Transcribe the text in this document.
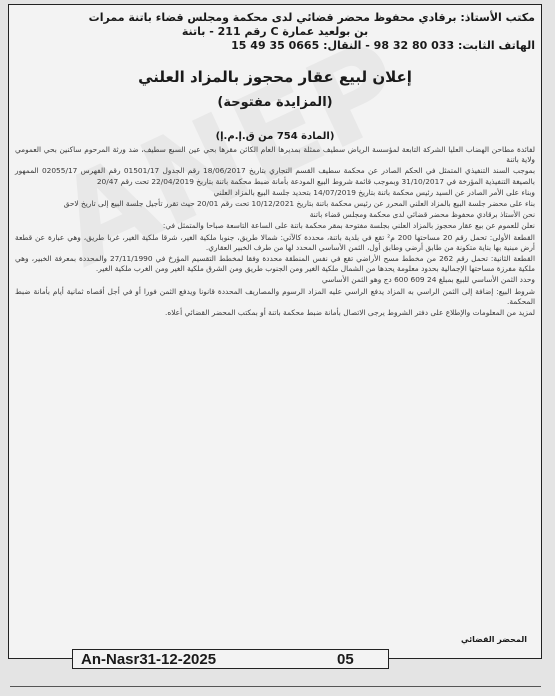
مكتب الأستاذ: برقادي محفوظ محضر قضائي لدى محكمة ومجلس قضاء باتنة ممرات
بن بولعيد عمارة C رقم 211 - باتنة
الهاتف الثابت: 033 80 32 98 - النقال: 0665 35 49 15
إعلان لبيع عقار محجوز بالمزاد العلني
(المزايدة مفتوحة)
(المادة 754 من ق.إ.م.إ)

لفائدة مطاحن الهضاب العليا الشركة التابعة لمؤسسة الرياض سطيف ممثلة بمديرها العام الكائن مقرها بحي عين السبع سطيف، ضد ورثة المرحوم ساكنين بحي العمومي ولاية باتنة

بموجب السند التنفيذي المتمثل في الحكم الصادر عن محكمة سطيف القسم التجاري بتاريخ 18/06/2017 رقم الجدول 01501/17 رقم الفهرس 02055/17 الممهور بالصيغة التنفيذية المؤرخة في 31/10/2017 وبموجب قائمة شروط البيع المودعة بأمانة ضبط محكمة باتنة بتاريخ 22/04/2019 تحت رقم 20/47

وبناء على الأمر الصادر عن السيد رئيس محكمة باتنة بتاريخ 14/07/2019 بتحديد جلسة البيع بالمزاد العلني

بناء على محضر جلسة البيع بالمزاد العلني المحرر عن رئيس محكمة باتنة بتاريخ 10/12/2021 تحت رقم 20/01 حيث تقرر تأجيل جلسة البيع إلى تاريخ لاحق

نحن الأستاذ برقادي محفوظ محضر قضائي لدى محكمة ومجلس قضاء باتنة

نعلن للعموم عن بيع عقار محجوز بالمزاد العلني بجلسة مفتوحة بمقر محكمة باتنة على الساعة التاسعة صباحا والمتمثل في:

القطعة الأولى: تحمل رقم 20 مساحتها 200 م² تقع في بلدية باتنة، محددة كالآتي: شمالا طريق، جنوبا ملكية الغير، شرقا ملكية الغير، غربا طريق، وهي عبارة عن قطعة أرض مبنية بها بناية متكونة من طابق أرضي وطابق أول، الثمن الأساسي المحدد لها من طرف الخبير العقاري.

القطعة الثانية: تحمل رقم 262 من مخطط مسح الأراضي تقع في نفس المنطقة محددة وفقا لمخطط التقسيم المؤرخ في 27/11/1990 والمحددة بمعرفة الخبير، وهي ملكية مفرزة مساحتها الإجمالية بحدود معلومة يحدها من الشمال ملكية الغير ومن الجنوب طريق ومن الشرق ملكية الغير ومن الغرب ملكية الغير.

وحدد الثمن الأساسي للبيع بمبلغ 24 609 600 دج وهو الثمن الأساسي

شروط البيع: إضافة إلى الثمن الراسي به المزاد يدفع الراسي عليه المزاد الرسوم والمصاريف المحددة قانونا ويدفع الثمن فورا أو في أجل أقصاه ثمانية أيام بأمانة ضبط المحكمة.

لمزيد من المعلومات والإطلاع على دفتر الشروط يرجى الاتصال بأمانة ضبط محكمة باتنة أو بمكتب المحضر القضائي أعلاه.

المحضر القضائي
An-Nasr31-12-2025	05
